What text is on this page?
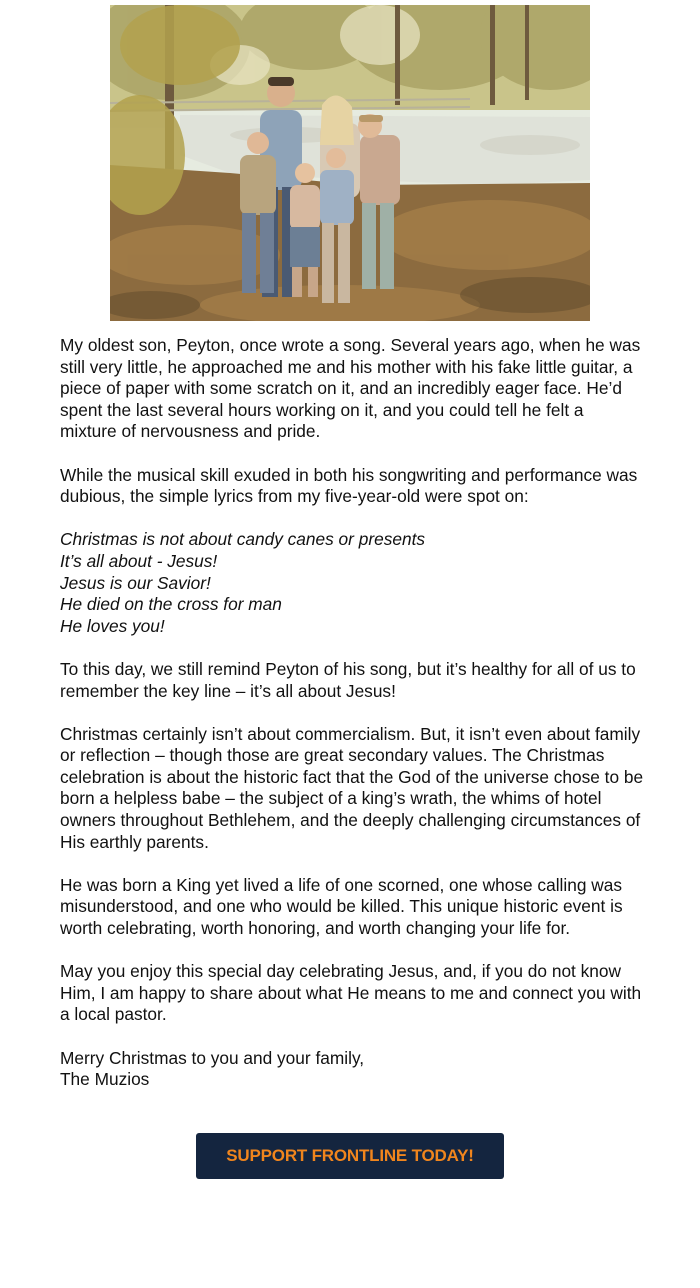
My oldest son, Peyton, once wrote a song. Several years ago, when he was still very little, he approached me and his mother with his fake little guitar, a piece of paper with some scratch on it, and an incredibly eager face. He’d spent the last several hours working on it, and you could tell he felt a mixture of nervousness and pride.

While the musical skill exuded in both his songwriting and performance was dubious, the simple lyrics from my five-year-old were spot on:

Christmas is not about candy canes or presents
It’s all about - Jesus!
Jesus is our Savior!
He died on the cross for man
He loves you!

To this day, we still remind Peyton of his song, but it’s healthy for all of us to remember the key line – it’s all about Jesus!

Christmas certainly isn’t about commercialism. But, it isn’t even about family or reflection – though those are great secondary values. The Christmas celebration is about the historic fact that the God of the universe chose to be born a helpless babe – the subject of a king’s wrath, the whims of hotel owners throughout Bethlehem, and the deeply challenging circumstances of His earthly parents.

He was born a King yet lived a life of one scorned, one whose calling was misunderstood, and one who would be killed. This unique historic event is worth celebrating, worth honoring, and worth changing your life for.

May you enjoy this special day celebrating Jesus, and, if you do not know Him, I am happy to share about what He means to me and connect you with a local pastor.

Merry Christmas to you and your family,
The Muzios

SUPPORT FRONTLINE TODAY!
